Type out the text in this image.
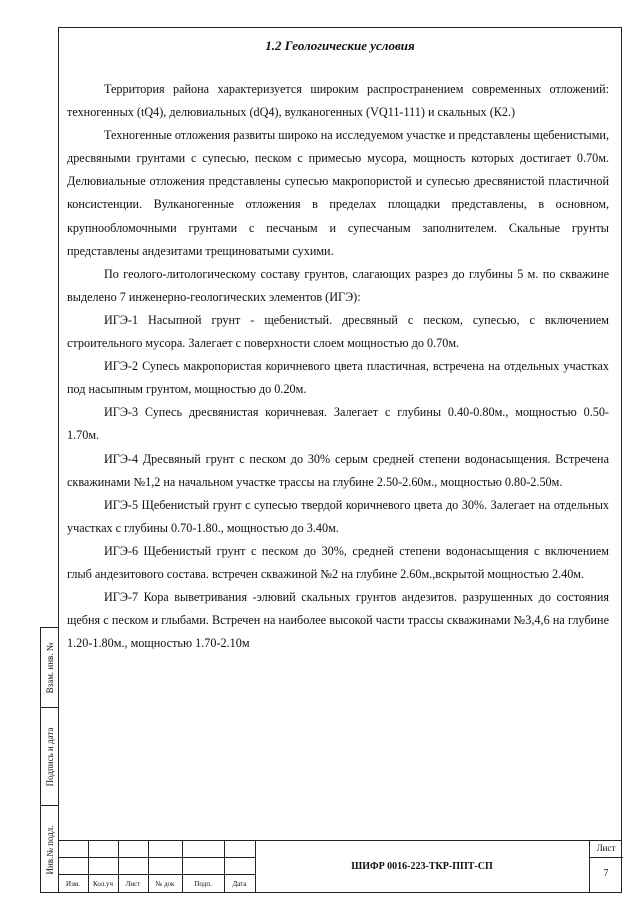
Взам. инв. №
Подпись и дата
Инв.№ подл.
1.2 Геологические условия

Территория района характеризуется широким распространением современных отложений: техногенных (tQ4), делювиальных (dQ4), вулканогенных (VQ11-111) и скальных (К2.)

Техногенные отложения развиты широко на исследуемом участке и представлены щебенистыми, дресвяными грунтами с супесью, песком с примесью мусора, мощность которых достигает 0.70м. Делювиальные отложения представлены супесью макропористой и супесью дресвянистой пластичной консистенции. Вулканогенные отложения в пределах площадки представлены, в основном, крупнообломочными грунтами с песчаным и супесчаным заполнителем. Скальные грунты представлены андезитами трещиноватыми сухими.

По геолого-литологическому составу грунтов, слагающих разрез до глубины 5 м. по скважине выделено 7 инженерно-геологических элементов (ИГЭ):

ИГЭ-1 Насыпной грунт - щебенистый. дресвяный с песком, супесью, с включением строительного мусора. Залегает с поверхности слоем мощностью до 0.70м.

ИГЭ-2 Супесь макропористая коричневого цвета пластичная, встречена на отдельных участках под насыпным грунтом, мощностью до 0.20м.

ИГЭ-3 Супесь дресвянистая коричневая. Залегает с глубины 0.40-0.80м., мощностью 0.50- 1.70м.

ИГЭ-4 Дресвяный грунт с песком до 30% серым средней степени водонасыщения. Встречена скважинами №1,2 на начальном участке трассы на глубине 2.50-2.60м., мощностью 0.80-2.50м.

ИГЭ-5 Щебенистый грунт с супесью твердой коричневого цвета до 30%. Залегает на отдельных участках с глубины 0.70-1.80., мощностью до 3.40м.

ИГЭ-6 Щебенистый грунт с песком до 30%, средней степени водонасыщения с включением глыб андезитового состава. встречен скважиной №2 на глубине 2.60м.,вскрытой мощностью 2.40м.

ИГЭ-7 Кора выветривания -элювий скальных грунтов андезитов. разрушенных до состояния щебня с песком и глыбами. Встречен на наиболее высокой части трассы скважинами №3,4,6 на глубине 1.20-1.80м., мощностью 1.70-2.10м

Изм.	Кол.уч	Лист	№ док	Подп.	Дата
ШИФР 0016-223-ТКР-ППТ-СП
Лист
7
